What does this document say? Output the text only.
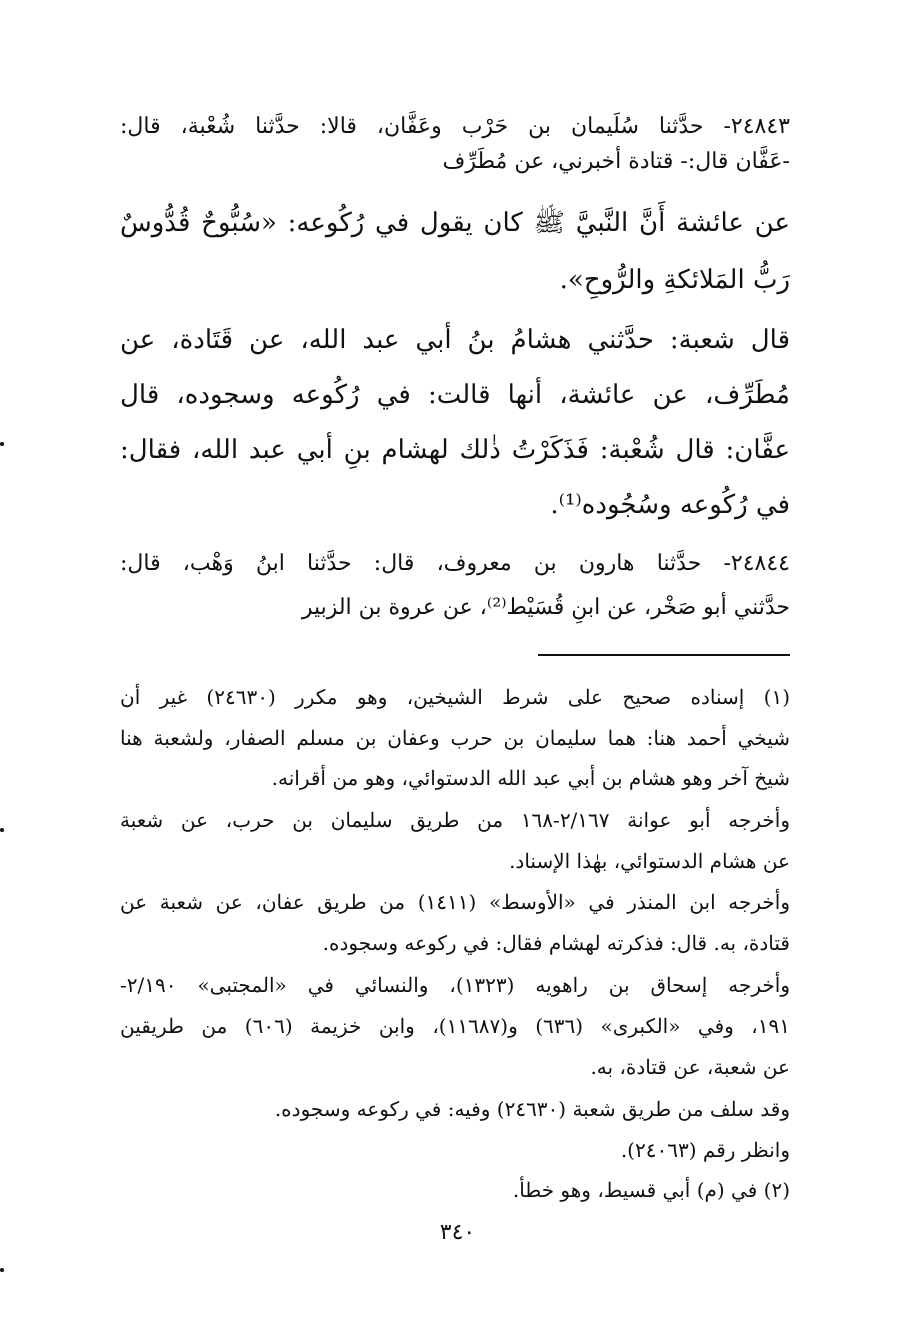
٢٤٨٤٣- حدَّثنا سُلَيمان بن حَرْب وعَفَّان، قالا: حدَّثنا شُعْبة، قال:
-عَفَّان قال:- قتادة أخبرني، عن مُطَرِّف
عن عائشة أَنَّ النَّبيَّ ﷺ كان يقول في رُكُوعه: «سُبُّوحٌ قُدُّوسٌ
رَبُّ المَلائكةِ والرُّوحِ».
قال شعبة: حدَّثني هشامُ بنُ أبي عبد الله، عن قَتَادة، عن
مُطَرِّف، عن عائشة، أنها قالت: في رُكُوعه وسجوده، قال
عفَّان: قال شُعْبة: فَذَكَرْتُ ذٰلك لهشام بنِ أبي عبد الله، فقال:
في رُكُوعه وسُجُوده⁽¹⁾.
٢٤٨٤٤- حدَّثنا هارون بن معروف، قال: حدَّثنا ابنُ وَهْب، قال:
حدَّثني أبو صَخْر، عن ابنِ قُسَيْط⁽²⁾، عن عروة بن الزبير
(١) إسناده صحيح على شرط الشيخين، وهو مكرر (٢٤٦٣٠) غير أن
شيخي أحمد هنا: هما سليمان بن حرب وعفان بن مسلم الصفار، ولشعبة هنا
شيخ آخر وهو هشام بن أبي عبد الله الدستوائي، وهو من أقرانه.
وأخرجه أبو عوانة ٢/١٦٧-١٦٨ من طريق سليمان بن حرب، عن شعبة
عن هشام الدستوائي، بهٰذا الإسناد.
وأخرجه ابن المنذر في «الأوسط» (١٤١١) من طريق عفان، عن شعبة عن
قتادة، به. قال: فذكرته لهشام فقال: في ركوعه وسجوده.
وأخرجه إسحاق بن راهويه (١٣٢٣)، والنسائي في «المجتبى» ٢/١٩٠-
١٩١، وفي «الكبرى» (٦٣٦) و(١١٦٨٧)، وابن خزيمة (٦٠٦) من طريقين
عن شعبة، عن قتادة، به.
وقد سلف من طريق شعبة (٢٤٦٣٠) وفيه: في ركوعه وسجوده.
وانظر رقم (٢٤٠٦٣).
(٢) في (م) أبي قسيط، وهو خطأ.
٣٤٠
